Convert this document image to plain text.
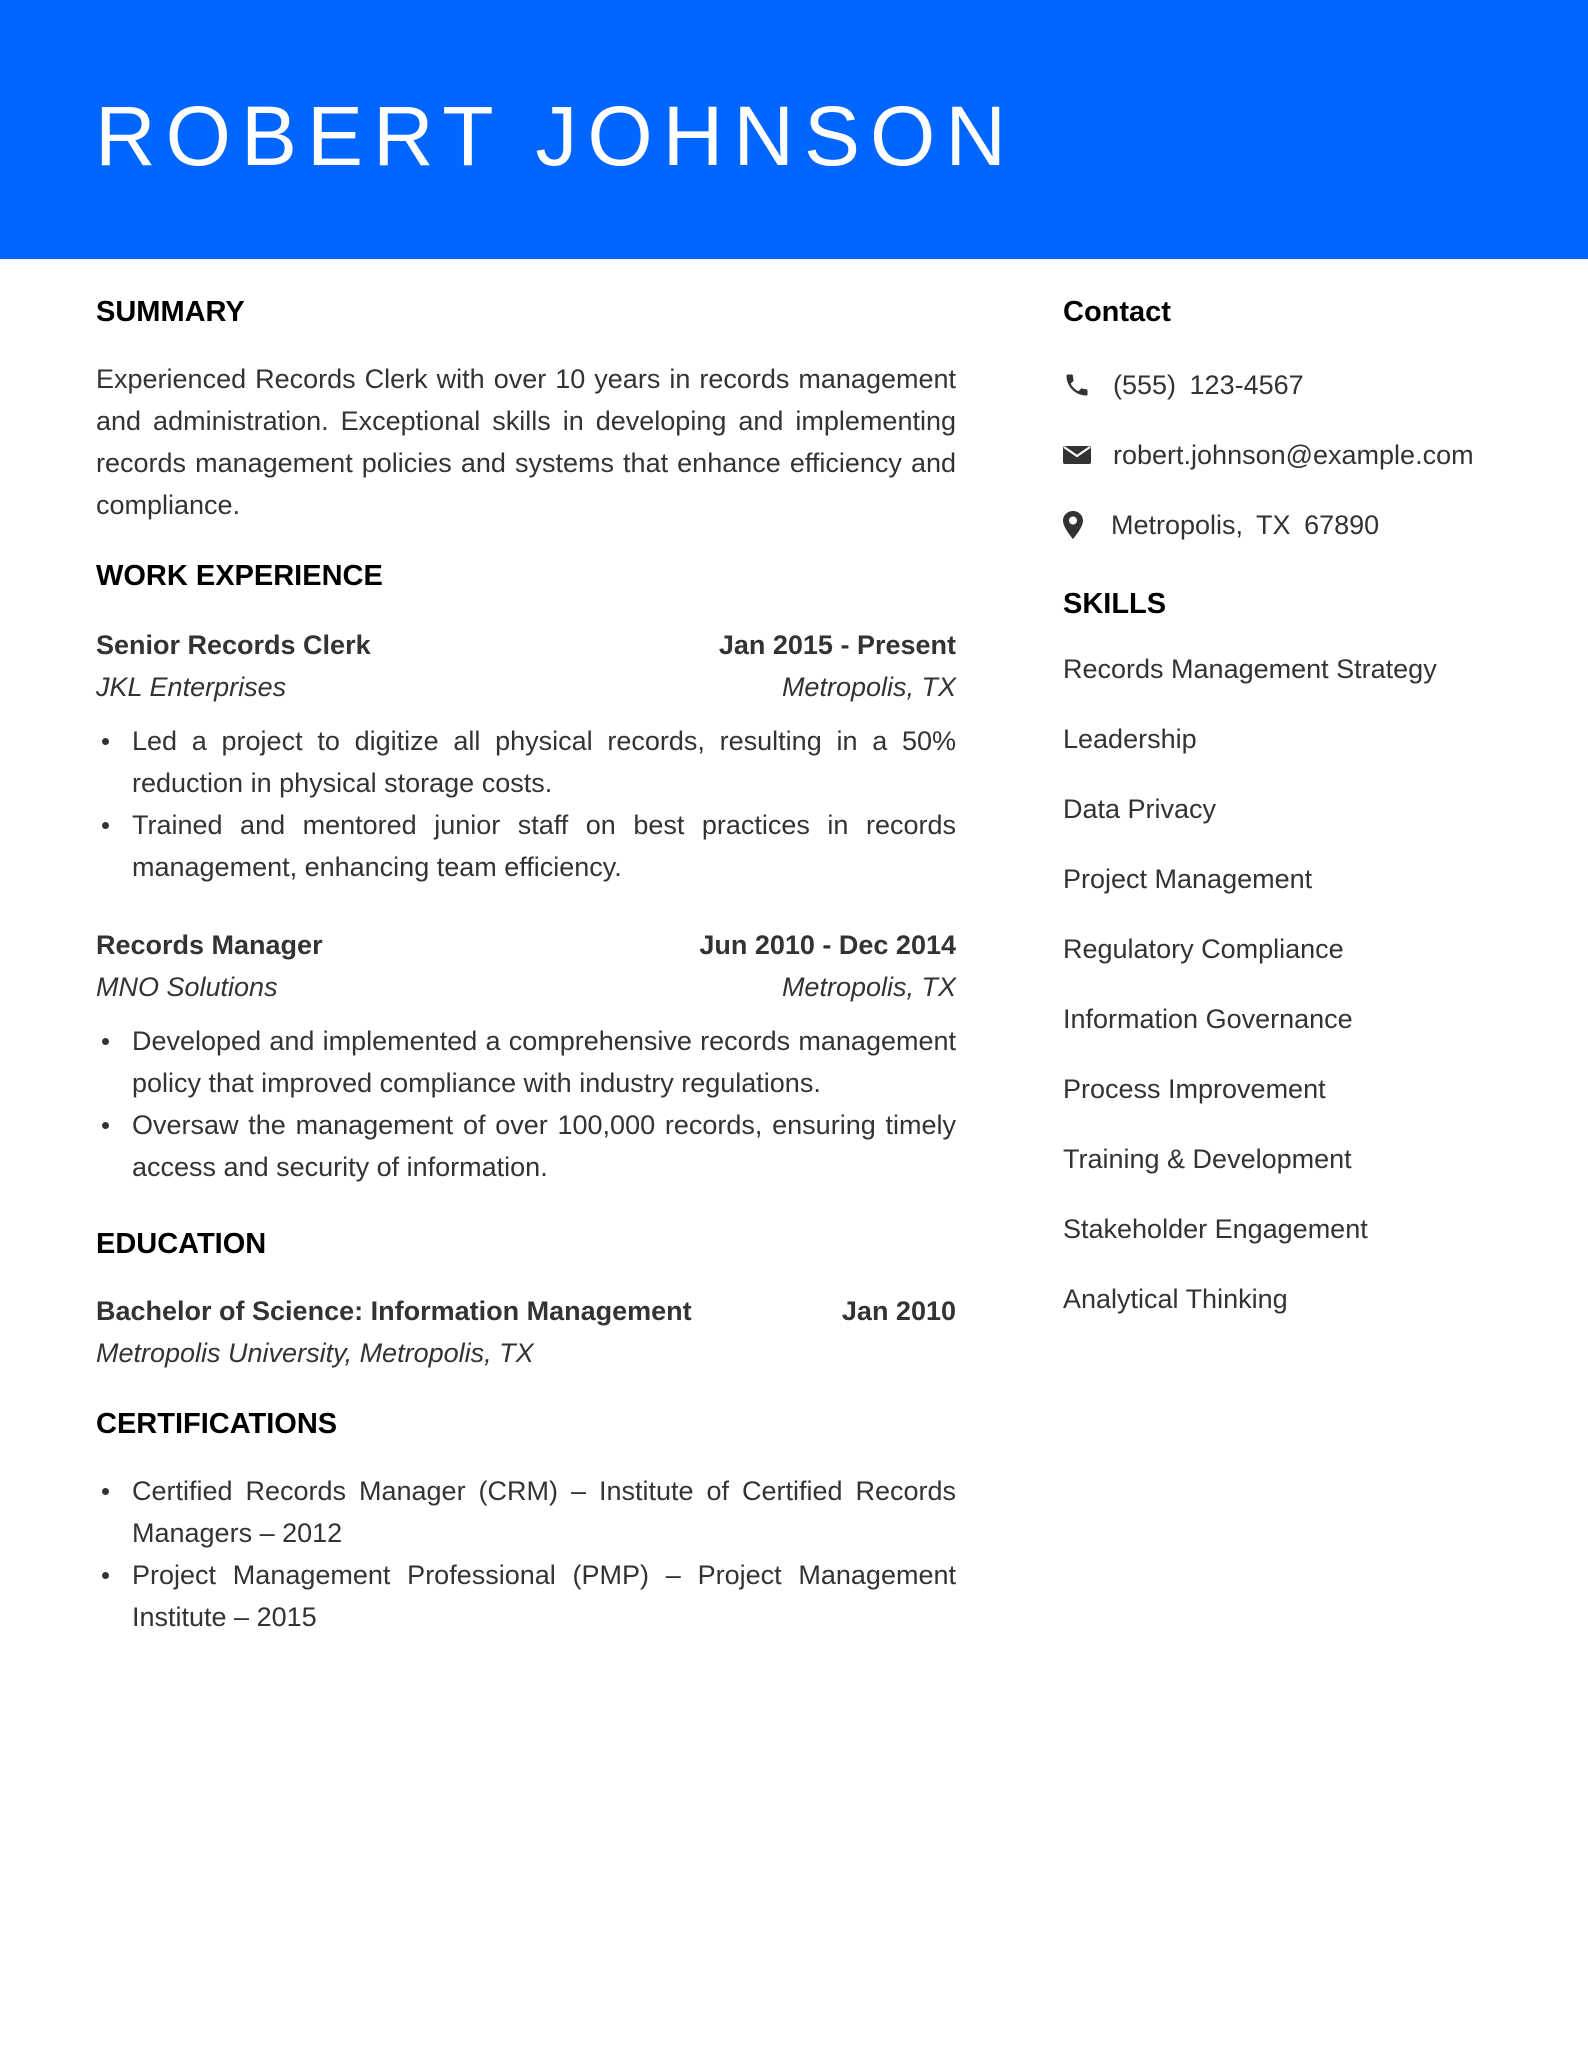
ROBERT JOHNSON
SUMMARY

Experienced Records Clerk with over 10 years in records management and administration. Exceptional skills in developing and implementing records management policies and systems that enhance efficiency and compliance.

WORK EXPERIENCE
Senior Records Clerk	Jan 2015 - Present
JKL Enterprises	Metropolis, TX
Led a project to digitize all physical records, resulting in a 50% reduction in physical storage costs.
Trained and mentored junior staff on best practices in records management, enhancing team efficiency.
Records Manager	Jun 2010 - Dec 2014
MNO Solutions	Metropolis, TX
Developed and implemented a comprehensive records management policy that improved compliance with industry regulations.
Oversaw the management of over 100,000 records, ensuring timely access and security of information.
EDUCATION
Bachelor of Science: Information Management	Jan 2010
Metropolis University, Metropolis, TX
CERTIFICATIONS
Certified Records Manager (CRM) – Institute of Certified Records Managers – 2012
Project Management Professional (PMP) – Project Management Institute – 2015
Contact
(555) 123-4567
robert.johnson@example.com
Metropolis, TX 67890
SKILLS
Records Management Strategy
Leadership
Data Privacy
Project Management
Regulatory Compliance
Information Governance
Process Improvement
Training & Development
Stakeholder Engagement
Analytical Thinking
